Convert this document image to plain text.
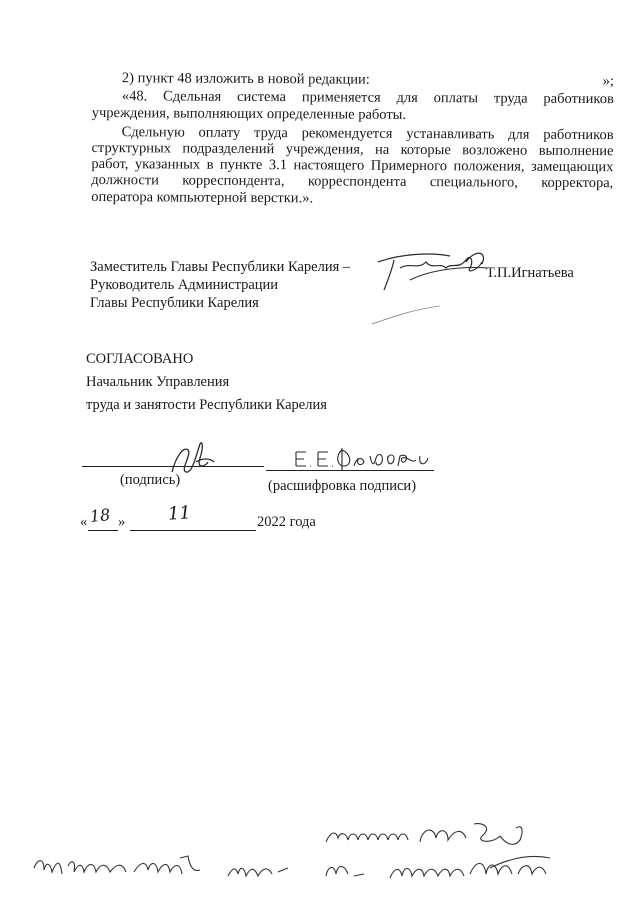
2) пункт 48 изложить в новой редакции:	»;
«48. Сдельная система применяется для оплаты труда работников
учреждения, выполняющих определенные работы.
Сдельную оплату труда рекомендуется устанавливать для работников
структурных подразделений учреждения, на которые возложено выполнение
работ, указанных в пункте 3.1 настоящего Примерного положения, замещающих
должности корреспондента, корреспондента специального, корректора,
оператора компьютерной верстки.».
Заместитель Главы Республики Карелия –
Руководитель Администрации
Главы Республики Карелия
Т.П.Игнатьева
СОГЛАСОВАНО
Начальник Управления
труда и занятости Республики Карелия
(подпись)	(расшифровка подписи)
« 18 » 11	2022 года
